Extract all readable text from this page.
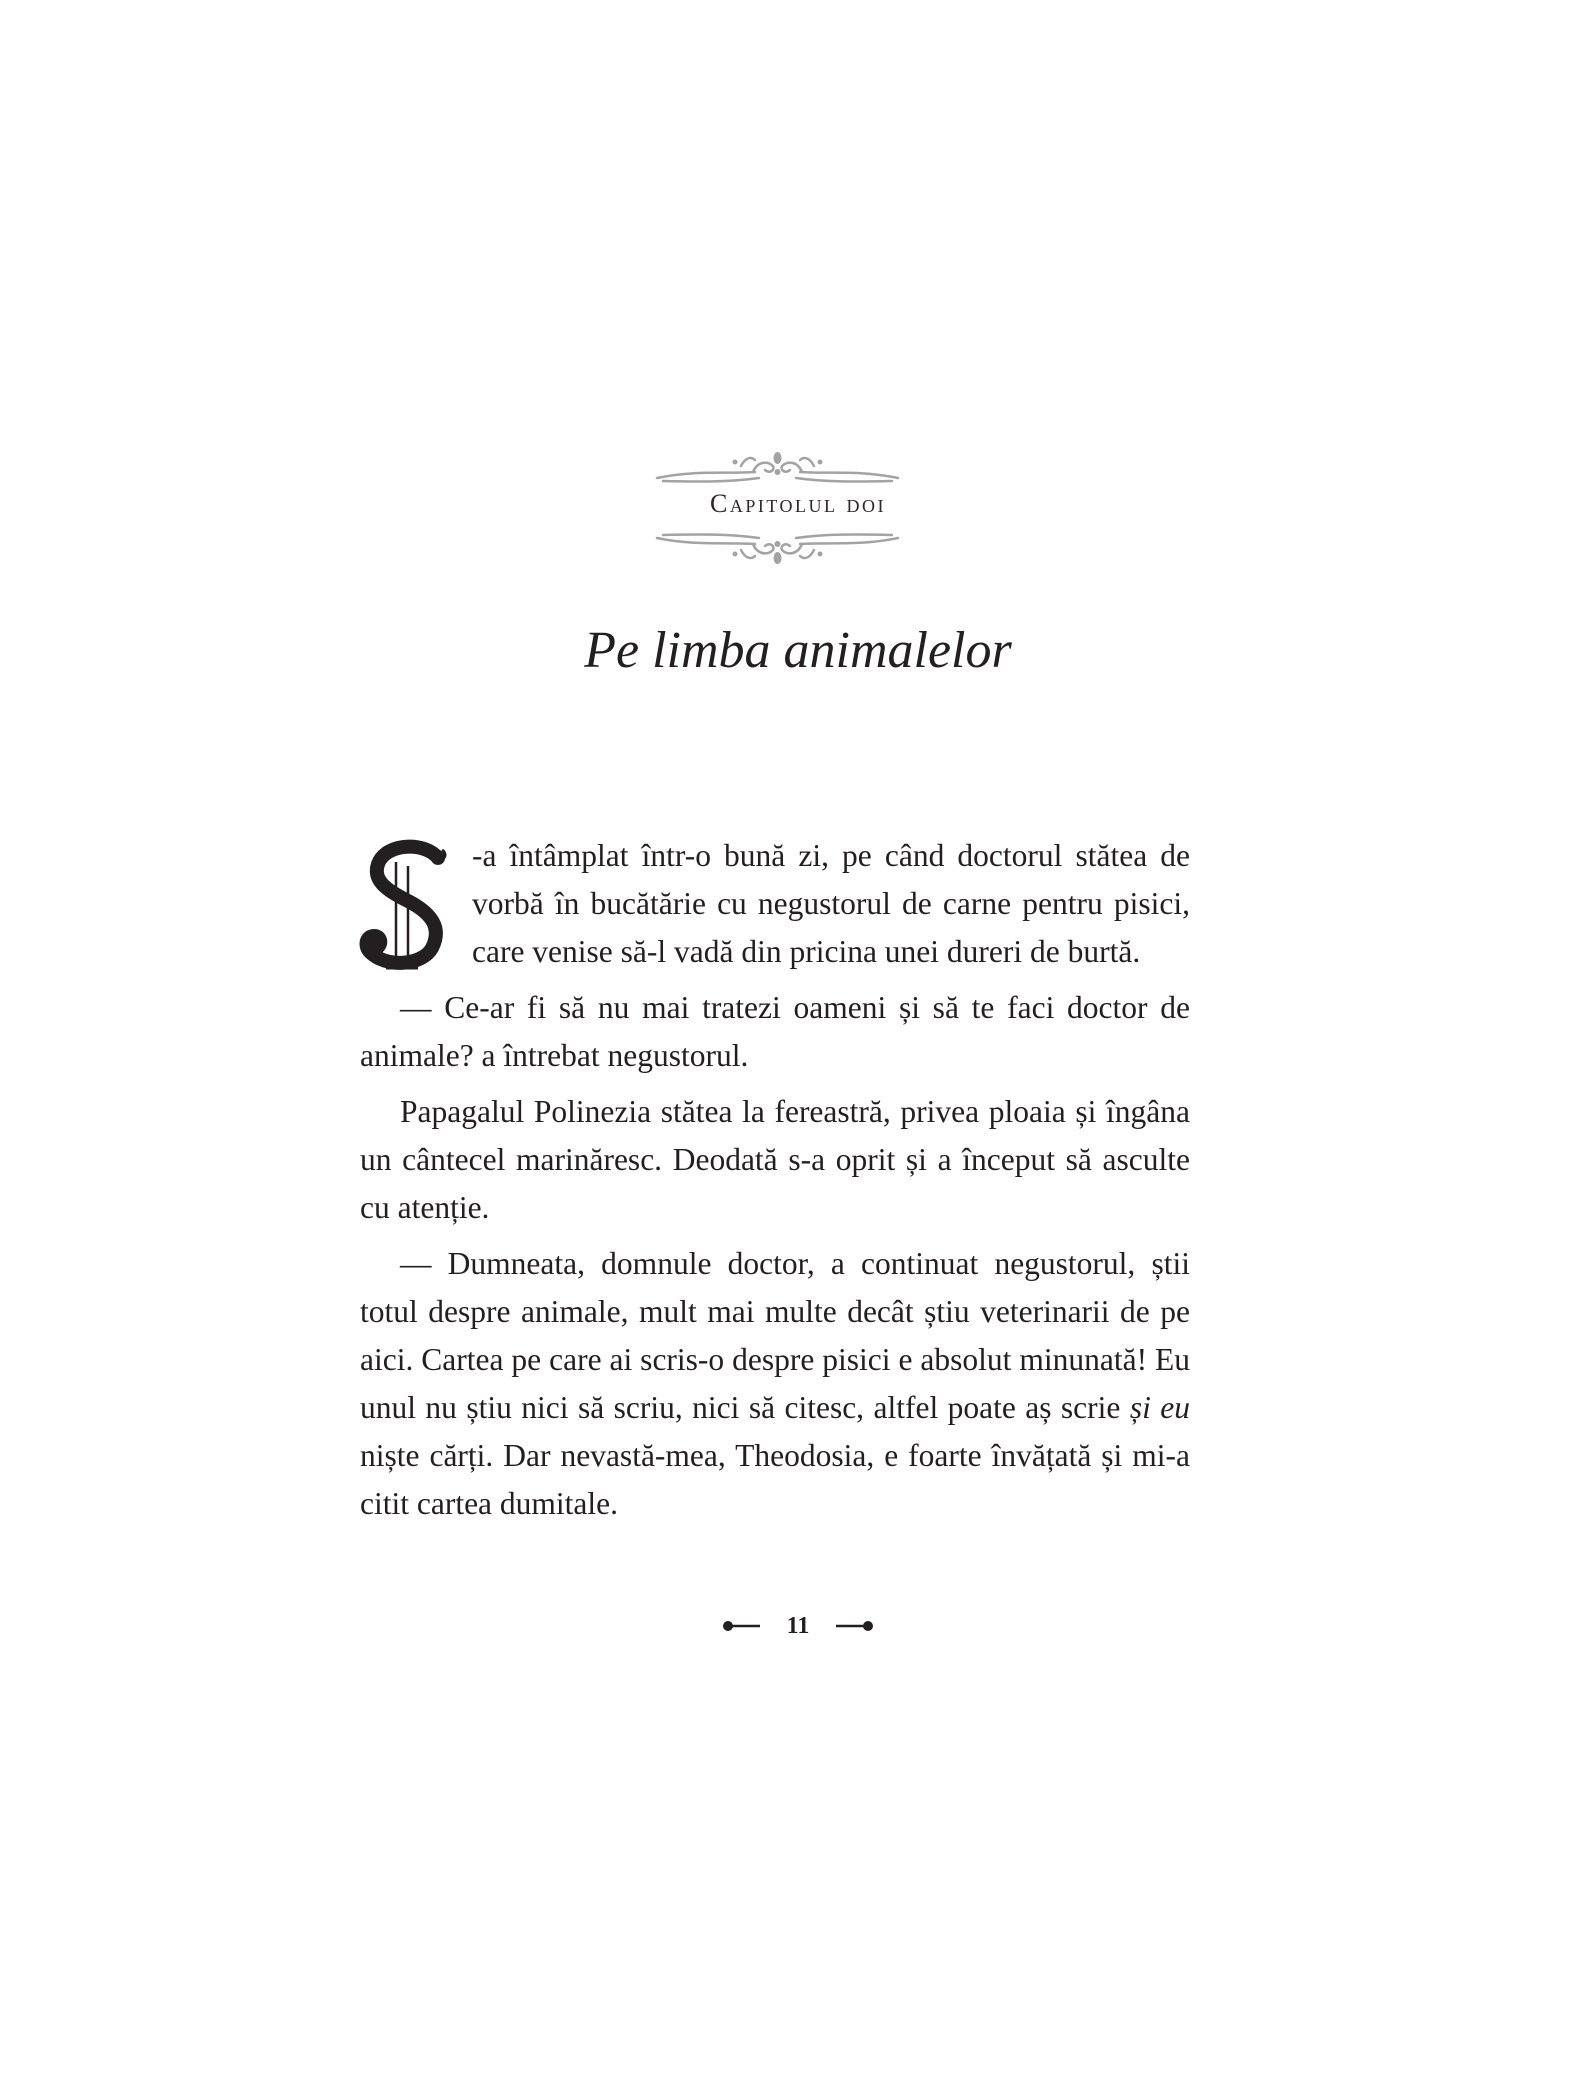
Capitolul doi
Pe limba animalelor

S
-a întâmplat într-o bună zi, pe când doctorul stătea de vorbă în bucătărie cu negustorul de carne pentru pisici, care venise să-l vadă din pricina unei dureri de burtă.

— Ce-ar fi să nu mai tratezi oameni și să te faci doctor de animale? a întrebat negustorul.

Papagalul Polinezia stătea la fereastră, privea ploaia și îngâna un cântecel marinăresc. Deodată s-a oprit și a început să asculte cu atenție.

— Dumneata, domnule doctor, a continuat negustorul, știi totul despre animale, mult mai multe decât știu veterinarii de pe aici. Cartea pe care ai scris-o despre pisici e absolut minunată! Eu unul nu știu nici să scriu, nici să citesc, altfel poate aș scrie și eu niște cărți. Dar nevastă-mea, Theodosia, e foarte învățată și mi-a citit cartea dumitale.

11
